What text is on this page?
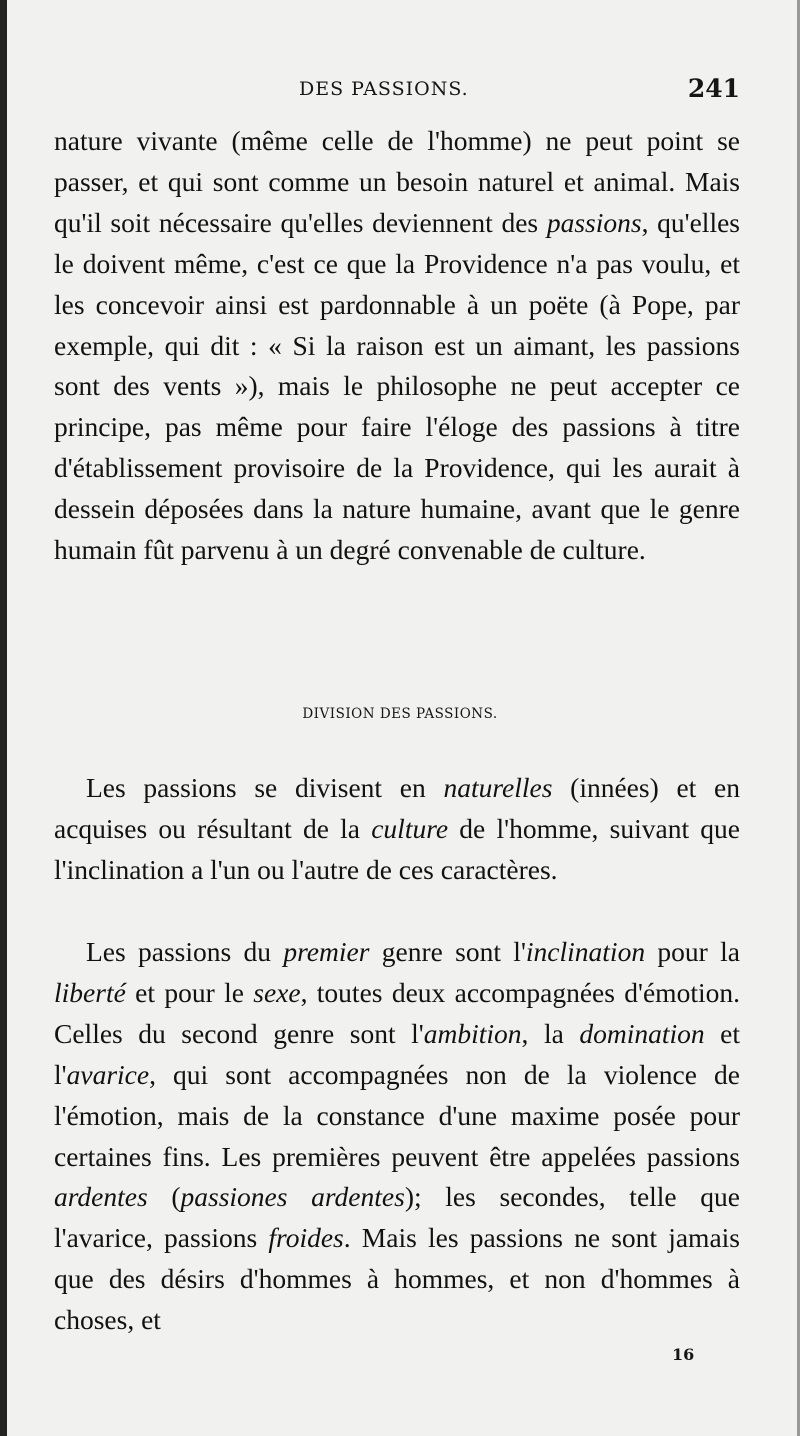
DES PASSIONS.	241

nature vivante (même celle de l'homme) ne peut point se passer, et qui sont comme un besoin naturel et animal. Mais qu'il soit nécessaire qu'elles deviennent des passions, qu'elles le doivent même, c'est ce que la Providence n'a pas voulu, et les concevoir ainsi est pardonnable à un poëte (à Pope, par exemple, qui dit : « Si la raison est un aimant, les passions sont des vents »), mais le philosophe ne peut accepter ce principe, pas même pour faire l'éloge des passions à titre d'établissement provisoire de la Providence, qui les aurait à dessein déposées dans la nature humaine, avant que le genre humain fût parvenu à un degré convenable de culture.

DIVISION DES PASSIONS.

Les passions se divisent en naturelles (innées) et en acquises ou résultant de la culture de l'homme, suivant que l'inclination a l'un ou l'autre de ces caractères.

Les passions du premier genre sont l'inclination pour la liberté et pour le sexe, toutes deux accompagnées d'émotion. Celles du second genre sont l'ambition, la domination et l'avarice, qui sont accompagnées non de la violence de l'émotion, mais de la constance d'une maxime posée pour certaines fins. Les premières peuvent être appelées passions ardentes (passiones ardentes); les secondes, telle que l'avarice, passions froides. Mais les passions ne sont jamais que des désirs d'hommes à hommes, et non d'hommes à choses, et

16
